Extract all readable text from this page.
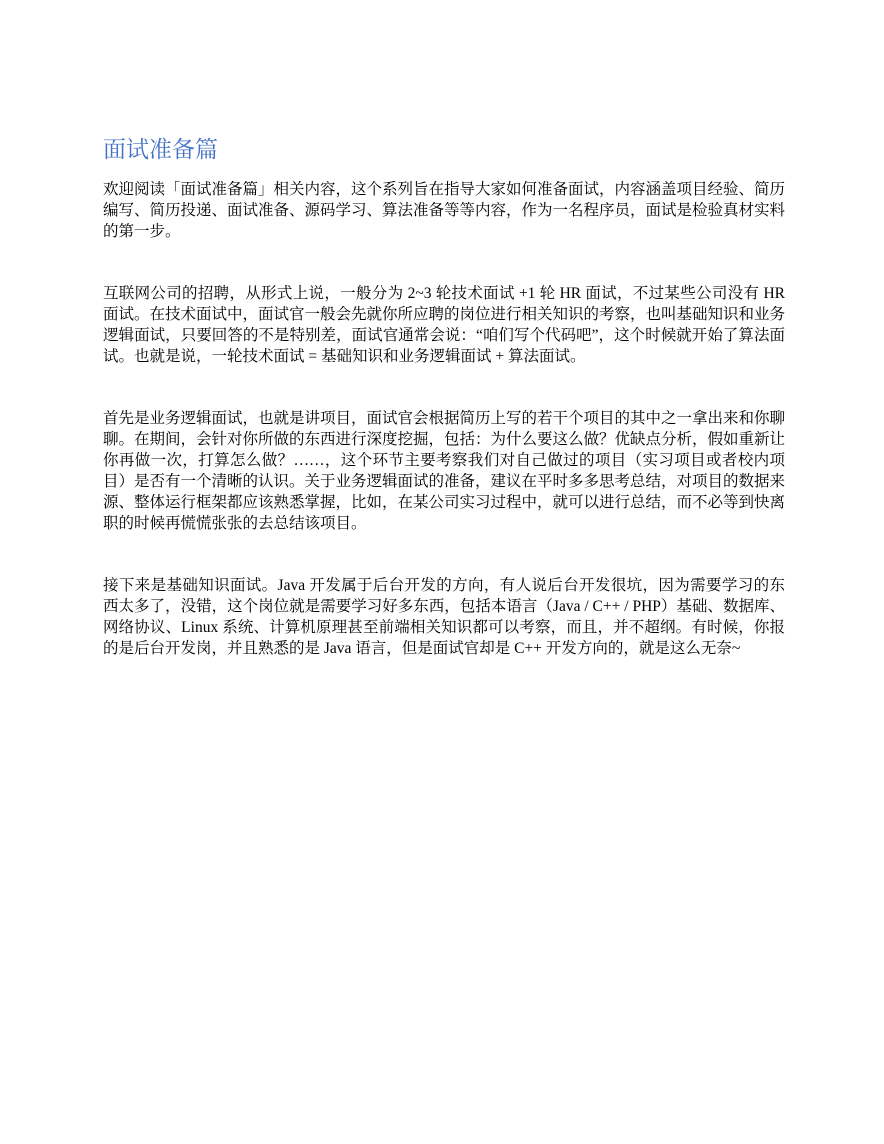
面试准备篇

欢迎阅读「面试准备篇」相关内容，这个系列旨在指导大家如何准备面试，内容涵盖项目经验、简历编写、简历投递、面试准备、源码学习、算法准备等等内容，作为一名程序员，面试是检验真材实料的第一步。

互联网公司的招聘，从形式上说，一般分为 2~3 轮技术面试 +1 轮 HR 面试，不过某些公司没有 HR 面试。在技术面试中，面试官一般会先就你所应聘的岗位进行相关知识的考察，也叫基础知识和业务逻辑面试，只要回答的不是特别差，面试官通常会说：“咱们写个代码吧”，这个时候就开始了算法面试。也就是说，一轮技术面试 = 基础知识和业务逻辑面试 + 算法面试。

首先是业务逻辑面试，也就是讲项目，面试官会根据简历上写的若干个项目的其中之一拿出来和你聊聊。在期间，会针对你所做的东西进行深度挖掘，包括：为什么要这么做？优缺点分析，假如重新让你再做一次，打算怎么做？……，这个环节主要考察我们对自己做过的项目（实习项目或者校内项目）是否有一个清晰的认识。关于业务逻辑面试的准备，建议在平时多多思考总结，对项目的数据来源、整体运行框架都应该熟悉掌握，比如，在某公司实习过程中，就可以进行总结，而不必等到快离职的时候再慌慌张张的去总结该项目。

接下来是基础知识面试。Java 开发属于后台开发的方向，有人说后台开发很坑，因为需要学习的东西太多了，没错，这个岗位就是需要学习好多东西，包括本语言（Java / C++ / PHP）基础、数据库、网络协议、Linux 系统、计算机原理甚至前端相关知识都可以考察，而且，并不超纲。有时候，你报的是后台开发岗，并且熟悉的是 Java 语言，但是面试官却是 C++ 开发方向的，就是这么无奈~
